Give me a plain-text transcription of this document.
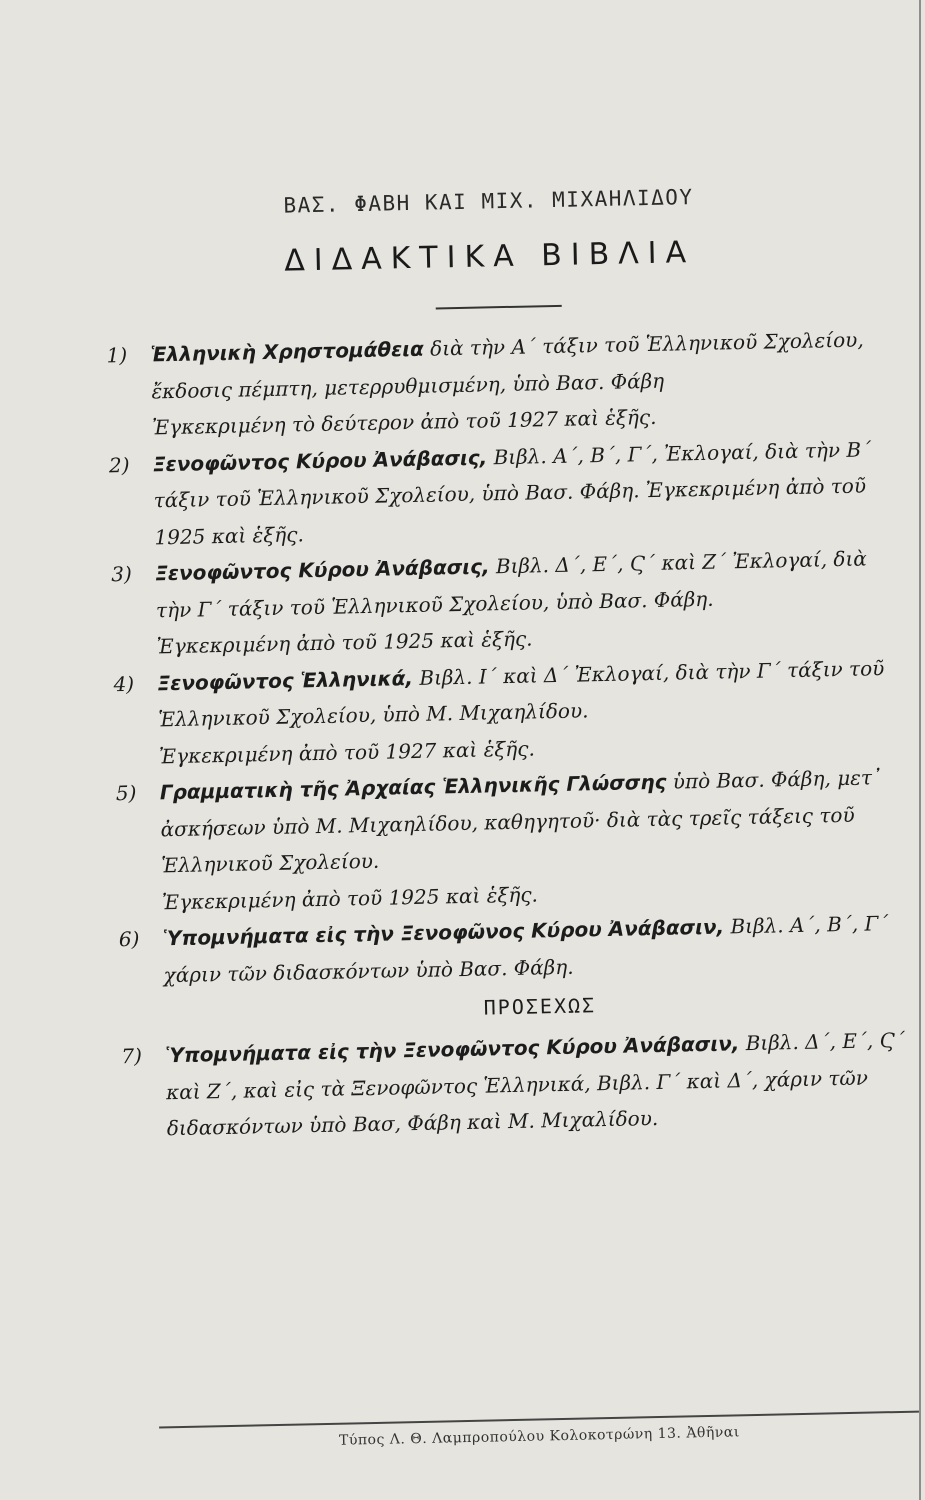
ΒΑΣ. ΦΑΒΗ ΚΑΙ ΜΙΧ. ΜΙΧΑΗΛΙΔΟΥ
ΔΙΔΑΚΤΙΚΑ ΒΙΒΛΙΑ
1) Ἑλληνικὴ Χρηστομάθεια διὰ τὴν Α΄ τάξιν τοῦ Ἑλληνικοῦ Σχολείου, ἔκδοσις πέμπτη, μετερρυθμισμένη, ὑπὸ Βασ. Φάβη
Ἐγκεκριμένη τὸ δεύτερον ἀπὸ τοῦ 1927 καὶ ἑξῆς.
2) Ξενοφῶντος Κύρου Ἀνάβασις, Βιβλ. Α΄, Β΄, Γ΄, Ἐκλογαί, διὰ τὴν Β΄ τάξιν τοῦ Ἑλληνικοῦ Σχολείου, ὑπὸ Βασ. Φάβη. Ἐγκεκριμένη ἀπὸ τοῦ 1925 καὶ ἑξῆς.
3) Ξενοφῶντος Κύρου Ἀνάβασις, Βιβλ. Δ΄, Ε΄, Ϛ΄ καὶ Ζ΄ Ἐκλογαί, διὰ τὴν Γ΄ τάξιν τοῦ Ἑλληνικοῦ Σχολείου, ὑπὸ Βασ. Φάβη.
Ἐγκεκριμένη ἀπὸ τοῦ 1925 καὶ ἑξῆς.
4) Ξενοφῶντος Ἑλληνικά, Βιβλ. Ι΄ καὶ Δ΄ Ἐκλογαί, διὰ τὴν Γ΄ τάξιν τοῦ Ἑλληνικοῦ Σχολείου, ὑπὸ Μ. Μιχαηλίδου.
Ἐγκεκριμένη ἀπὸ τοῦ 1927 καὶ ἑξῆς.
5) Γραμματικὴ τῆς Ἀρχαίας Ἑλληνικῆς Γλώσσης ὑπὸ Βασ. Φάβη, μετ᾿ ἀσκήσεων ὑπὸ Μ. Μιχαηλίδου, καθηγητοῦ· διὰ τὰς τρεῖς τάξεις τοῦ Ἑλληνικοῦ Σχολείου.
Ἐγκεκριμένη ἀπὸ τοῦ 1925 καὶ ἑξῆς.
6) Ὑπομνήματα εἰς τὴν Ξενοφῶνος Κύρου Ἀνάβασιν, Βιβλ. Α΄, Β΄, Γ΄ χάριν τῶν διδασκόντων ὑπὸ Βασ. Φάβη.
ΠΡΟΣΕΧΩΣ
7) Ὑπομνήματα εἰς τὴν Ξενοφῶντος Κύρου Ἀνάβασιν, Βιβλ. Δ΄, Ε΄, Ϛ΄ καὶ Ζ΄, καὶ εἰς τὰ Ξενοφῶντος Ἑλληνικά, Βιβλ. Γ΄ καὶ Δ΄, χάριν τῶν διδασκόντων ὑπὸ Βασ, Φάβη καὶ Μ. Μιχαλίδου.
Τύπος Λ. Θ. Λαμπροπούλου Κολοκοτρώνη 13. Ἀθῆναι
